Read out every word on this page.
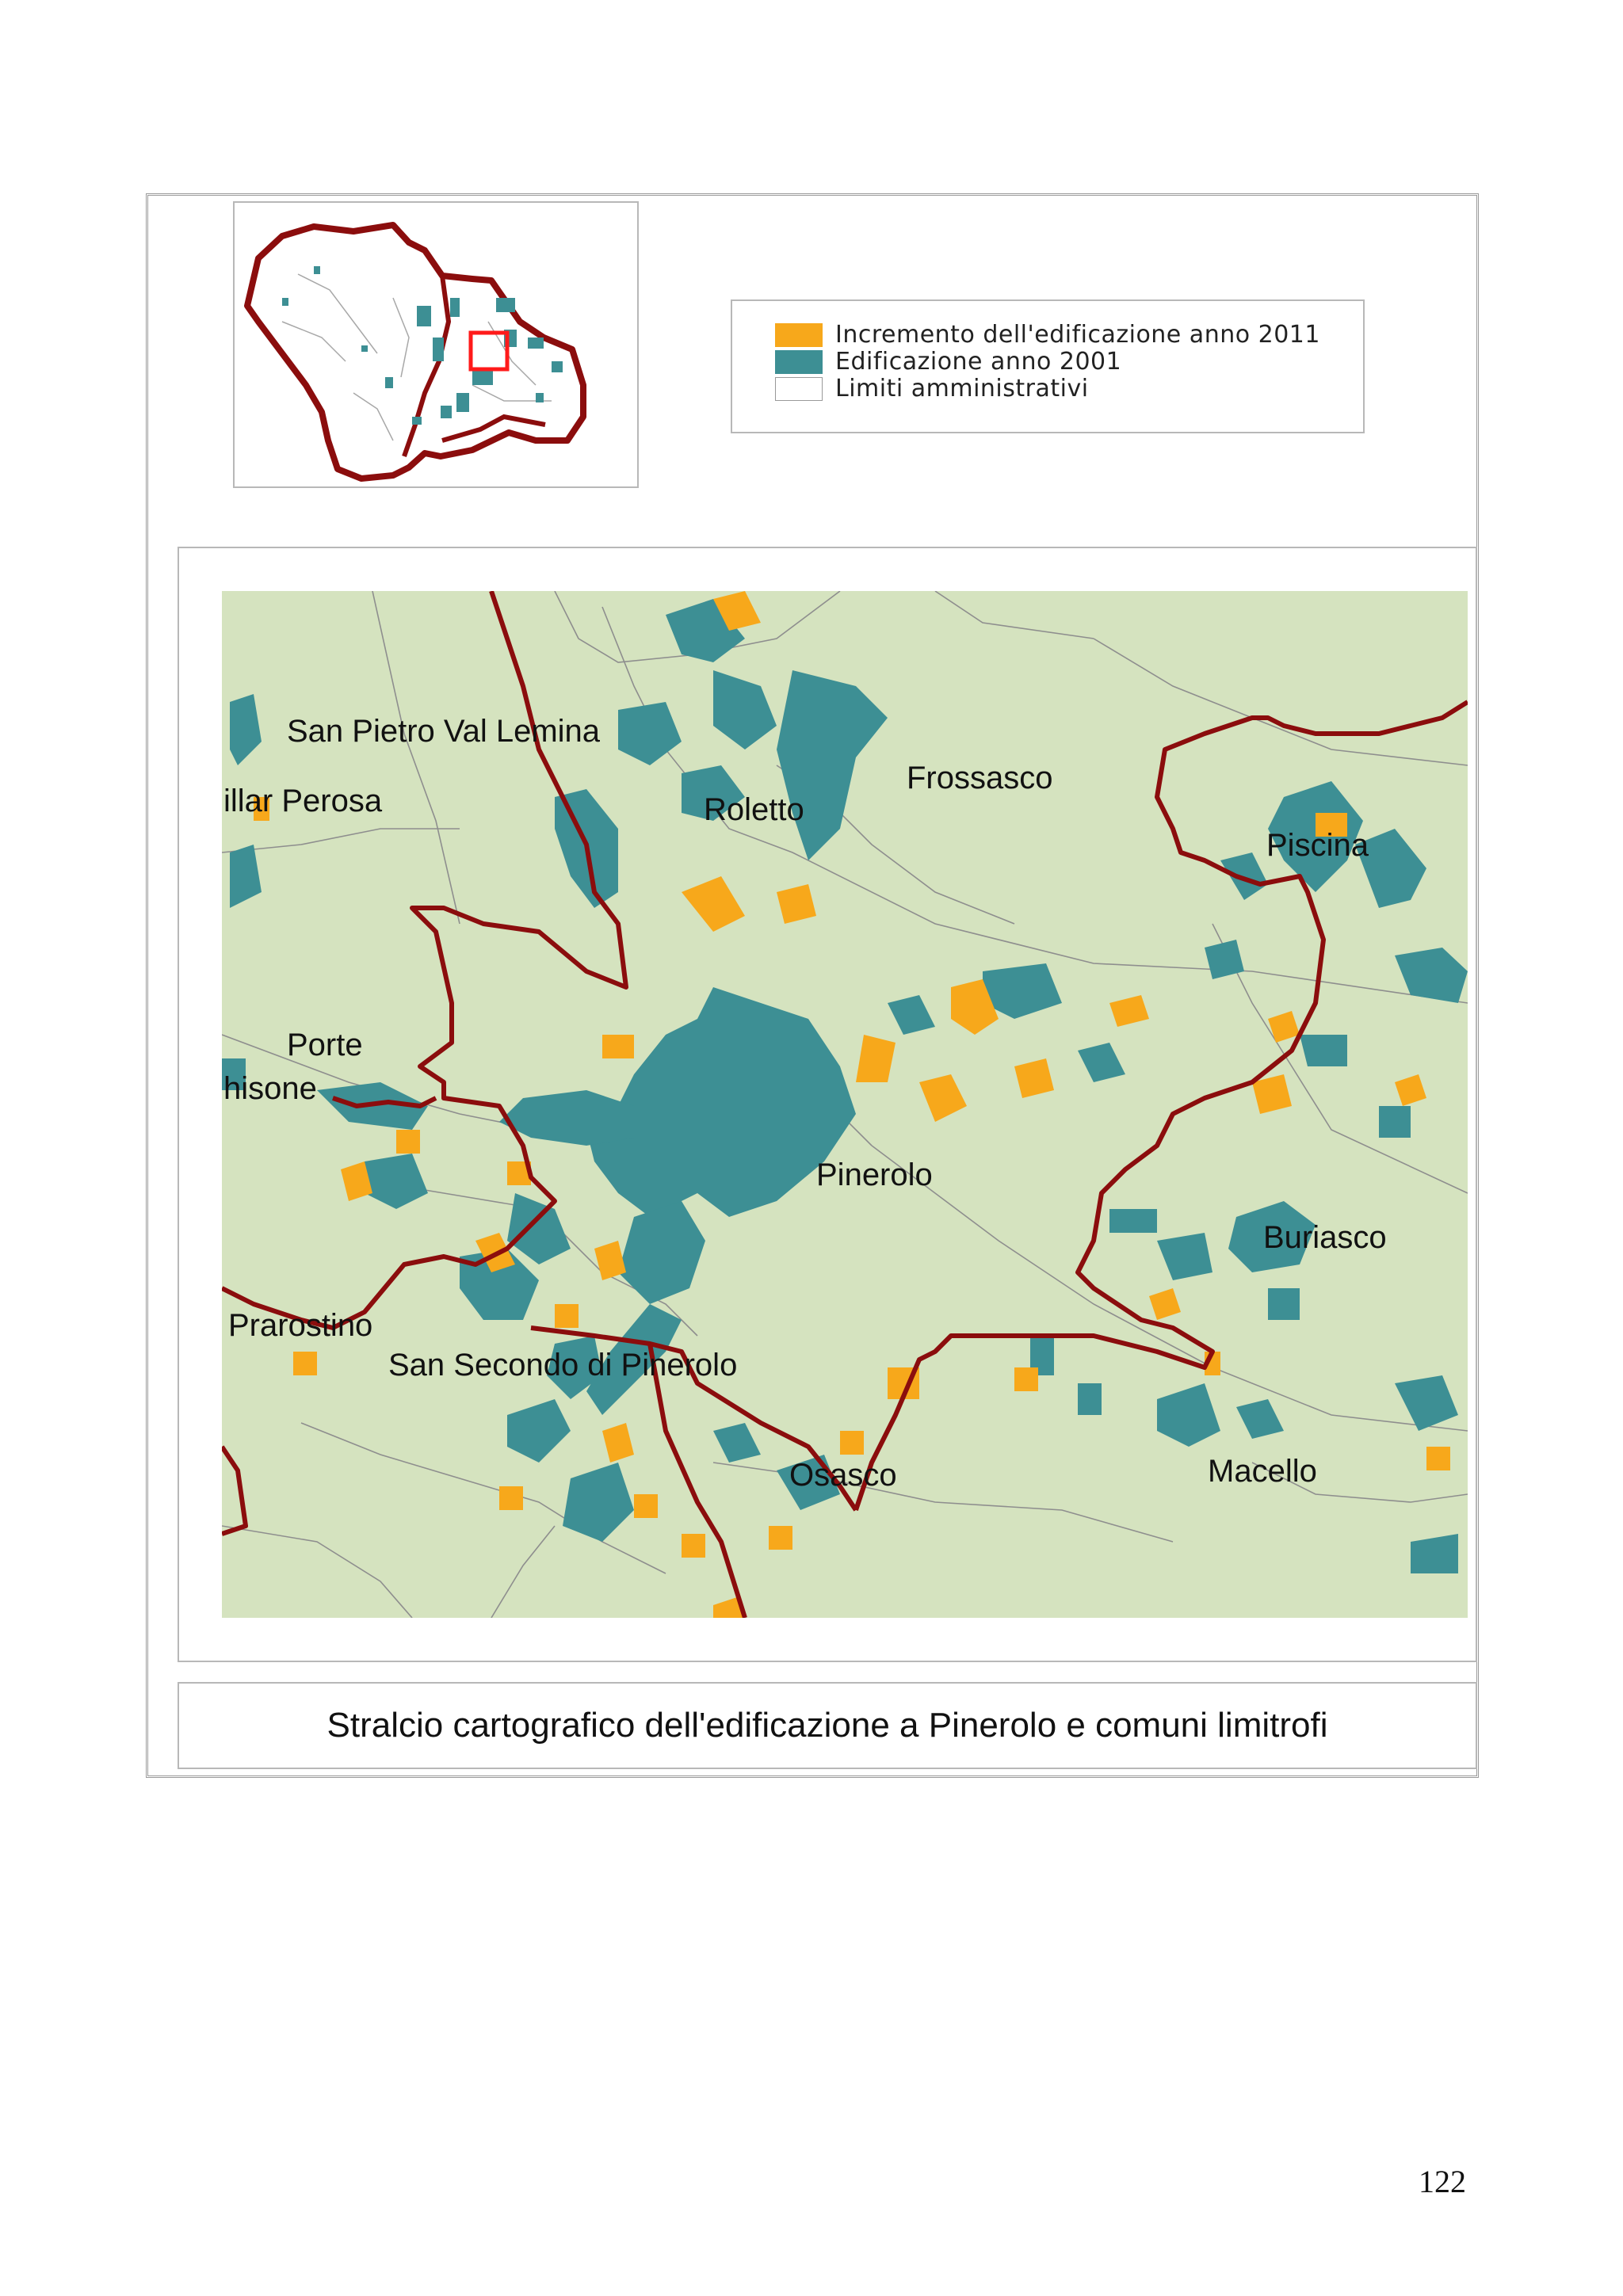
Incremento dell'edificazione anno 2011
Edificazione anno 2001
Limiti amministrativi
San Pietro Val Lemina
illar Perosa	Roletto
Frossasco
Piscina
Porte
hisone
Pinerolo
Buriasco
Prarostino
San Secondo di Pinerolo
Osasco	Macello
Stralcio cartografico dell'edificazione a Pinerolo e comuni limitrofi
122
